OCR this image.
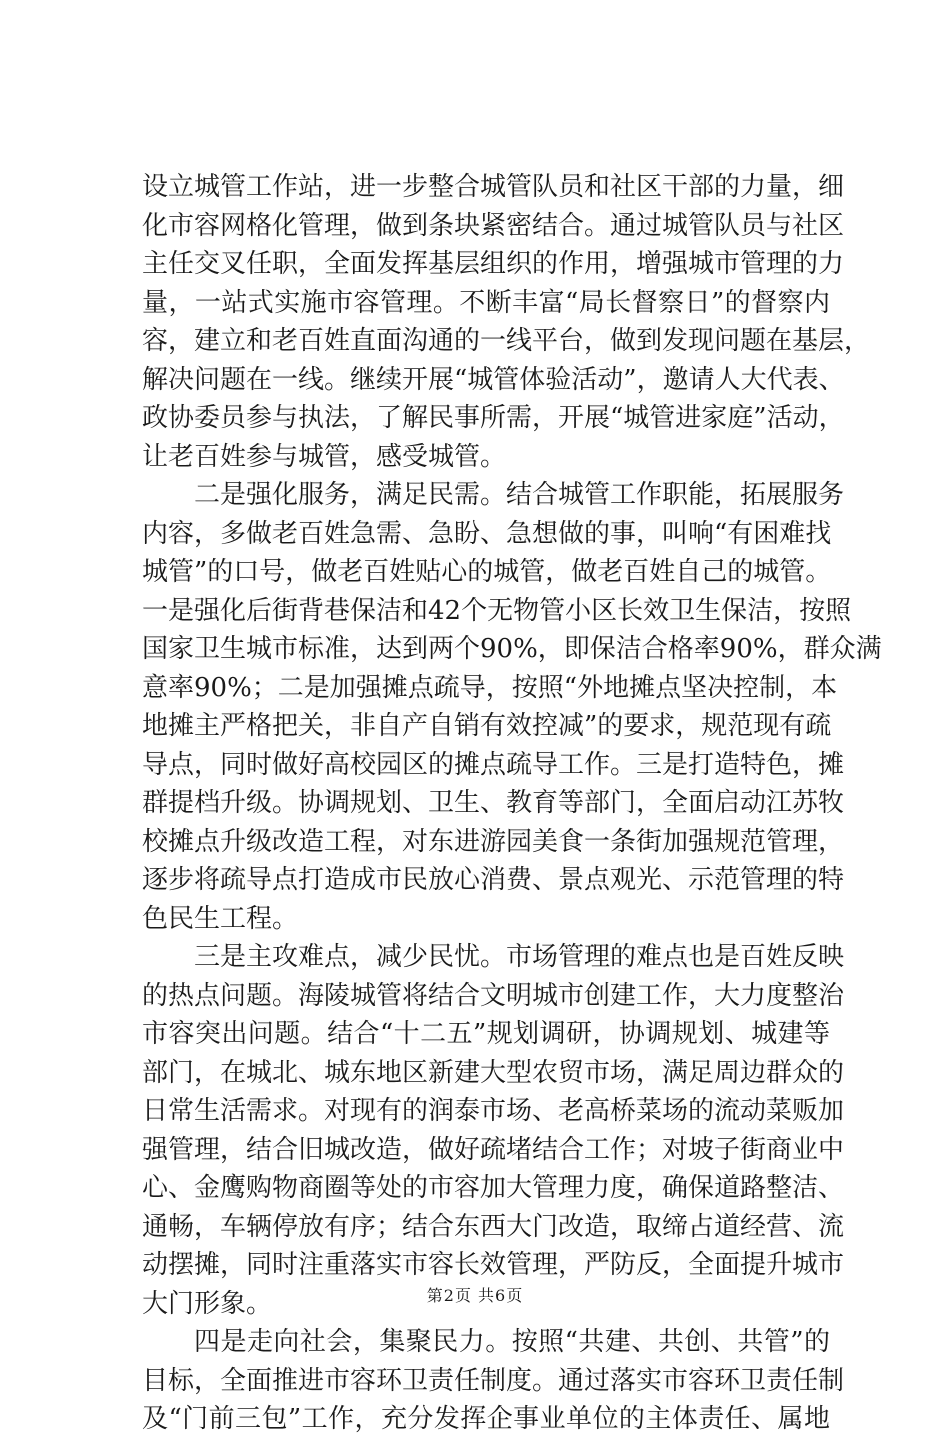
设立城管工作站，进一步整合城管队员和社区干部的力量，细
化市容网格化管理，做到条块紧密结合。通过城管队员与社区
主任交叉任职，全面发挥基层组织的作用，增强城市管理的力
量，一站式实施市容管理。不断丰富“局长督察日”的督察内
容，建立和老百姓直面沟通的一线平台，做到发现问题在基层，
解决问题在一线。继续开展“城管体验活动”，邀请人大代表、
政协委员参与执法，了解民事所需，开展“城管进家庭”活动，
让老百姓参与城管，感受城管。
二是强化服务，满足民需。结合城管工作职能，拓展服务
内容，多做老百姓急需、急盼、急想做的事，叫响“有困难找
城管”的口号，做老百姓贴心的城管，做老百姓自己的城管。
一是强化后街背巷保洁和42个无物管小区长效卫生保洁，按照
国家卫生城市标准，达到两个90%，即保洁合格率90%，群众满
意率90%；二是加强摊点疏导，按照“外地摊点坚决控制，本
地摊主严格把关，非自产自销有效控减”的要求，规范现有疏
导点，同时做好高校园区的摊点疏导工作。三是打造特色，摊
群提档升级。协调规划、卫生、教育等部门，全面启动江苏牧
校摊点升级改造工程，对东进游园美食一条街加强规范管理，
逐步将疏导点打造成市民放心消费、景点观光、示范管理的特
色民生工程。
三是主攻难点，减少民忧。市场管理的难点也是百姓反映
的热点问题。海陵城管将结合文明城市创建工作，大力度整治
市容突出问题。结合“十二五”规划调研，协调规划、城建等
部门，在城北、城东地区新建大型农贸市场，满足周边群众的
日常生活需求。对现有的润泰市场、老高桥菜场的流动菜贩加
强管理，结合旧城改造，做好疏堵结合工作；对坡子街商业中
心、金鹰购物商圈等处的市容加大管理力度，确保道路整洁、
通畅，车辆停放有序；结合东西大门改造，取缔占道经营、流
动摆摊，同时注重落实市容长效管理，严防反，全面提升城市
大门形象。
四是走向社会，集聚民力。按照“共建、共创、共管”的
目标，全面推进市容环卫责任制度。通过落实市容环卫责任制
及“门前三包”工作，充分发挥企事业单位的主体责任、属地
第2页 共6页
